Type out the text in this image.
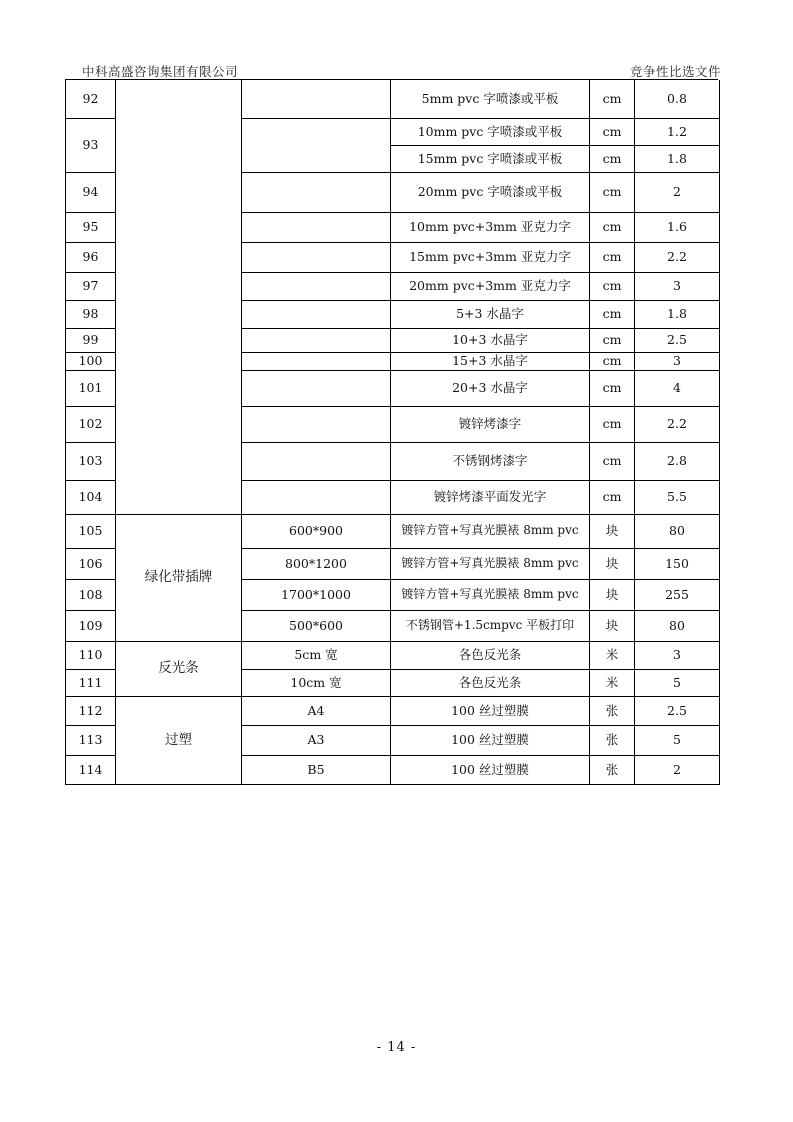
中科高盛咨询集团有限公司	竞争性比选文件
92			5mm pvc 字喷漆或平板	cm	0.8
93			10mm pvc 字喷漆或平板	cm	1.2
			15mm pvc 字喷漆或平板	cm	1.8
94			20mm pvc 字喷漆或平板	cm	2
95			10mm pvc+3mm 亚克力字	cm	1.6
96			15mm pvc+3mm 亚克力字	cm	2.2
97			20mm pvc+3mm 亚克力字	cm	3
98			5+3 水晶字	cm	1.8
99			10+3 水晶字	cm	2.5
100			15+3 水晶字	cm	3
101			20+3 水晶字	cm	4
102			镀锌烤漆字	cm	2.2
103			不锈钢烤漆字	cm	2.8
104			镀锌烤漆平面发光字	cm	5.5
105	绿化带插牌	600*900	镀锌方管+写真光膜裱 8mm pvc	块	80
106		800*1200	镀锌方管+写真光膜裱 8mm pvc	块	150
108		1700*1000	镀锌方管+写真光膜裱 8mm pvc	块	255
109		500*600	不锈钢管+1.5cmpvc 平板打印	块	80
110	反光条	5cm 宽	各色反光条	米	3
111		10cm 宽	各色反光条	米	5
112	过塑	A4	100 丝过塑膜	张	2.5
113		A3	100 丝过塑膜	张	5
114		B5	100 丝过塑膜	张	2
- 14 -
